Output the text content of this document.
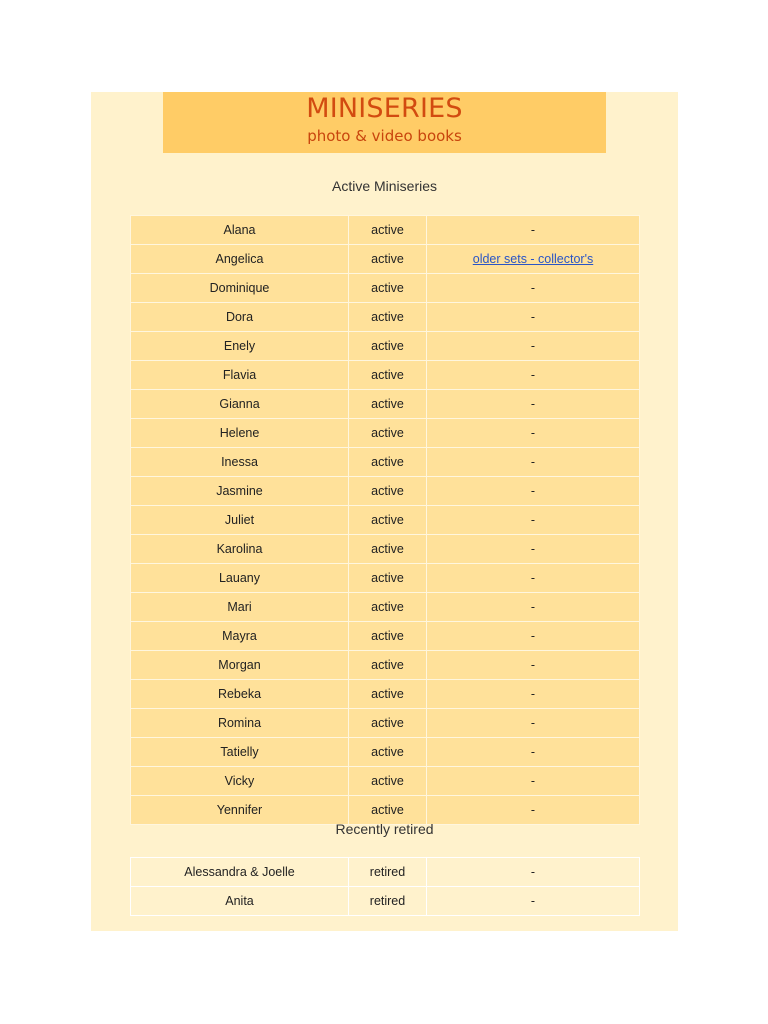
MINISERIES
photo & video books
Active Miniseries
Alana	active	-
Angelica	active	older sets - collector's
Dominique	active	-
Dora	active	-
Enely	active	-
Flavia	active	-
Gianna	active	-
Helene	active	-
Inessa	active	-
Jasmine	active	-
Juliet	active	-
Karolina	active	-
Lauany	active	-
Mari	active	-
Mayra	active	-
Morgan	active	-
Rebeka	active	-
Romina	active	-
Tatielly	active	-
Vicky	active	-
Yennifer	active	-
Recently retired
Alessandra & Joelle	retired	-
Anita	retired	-
